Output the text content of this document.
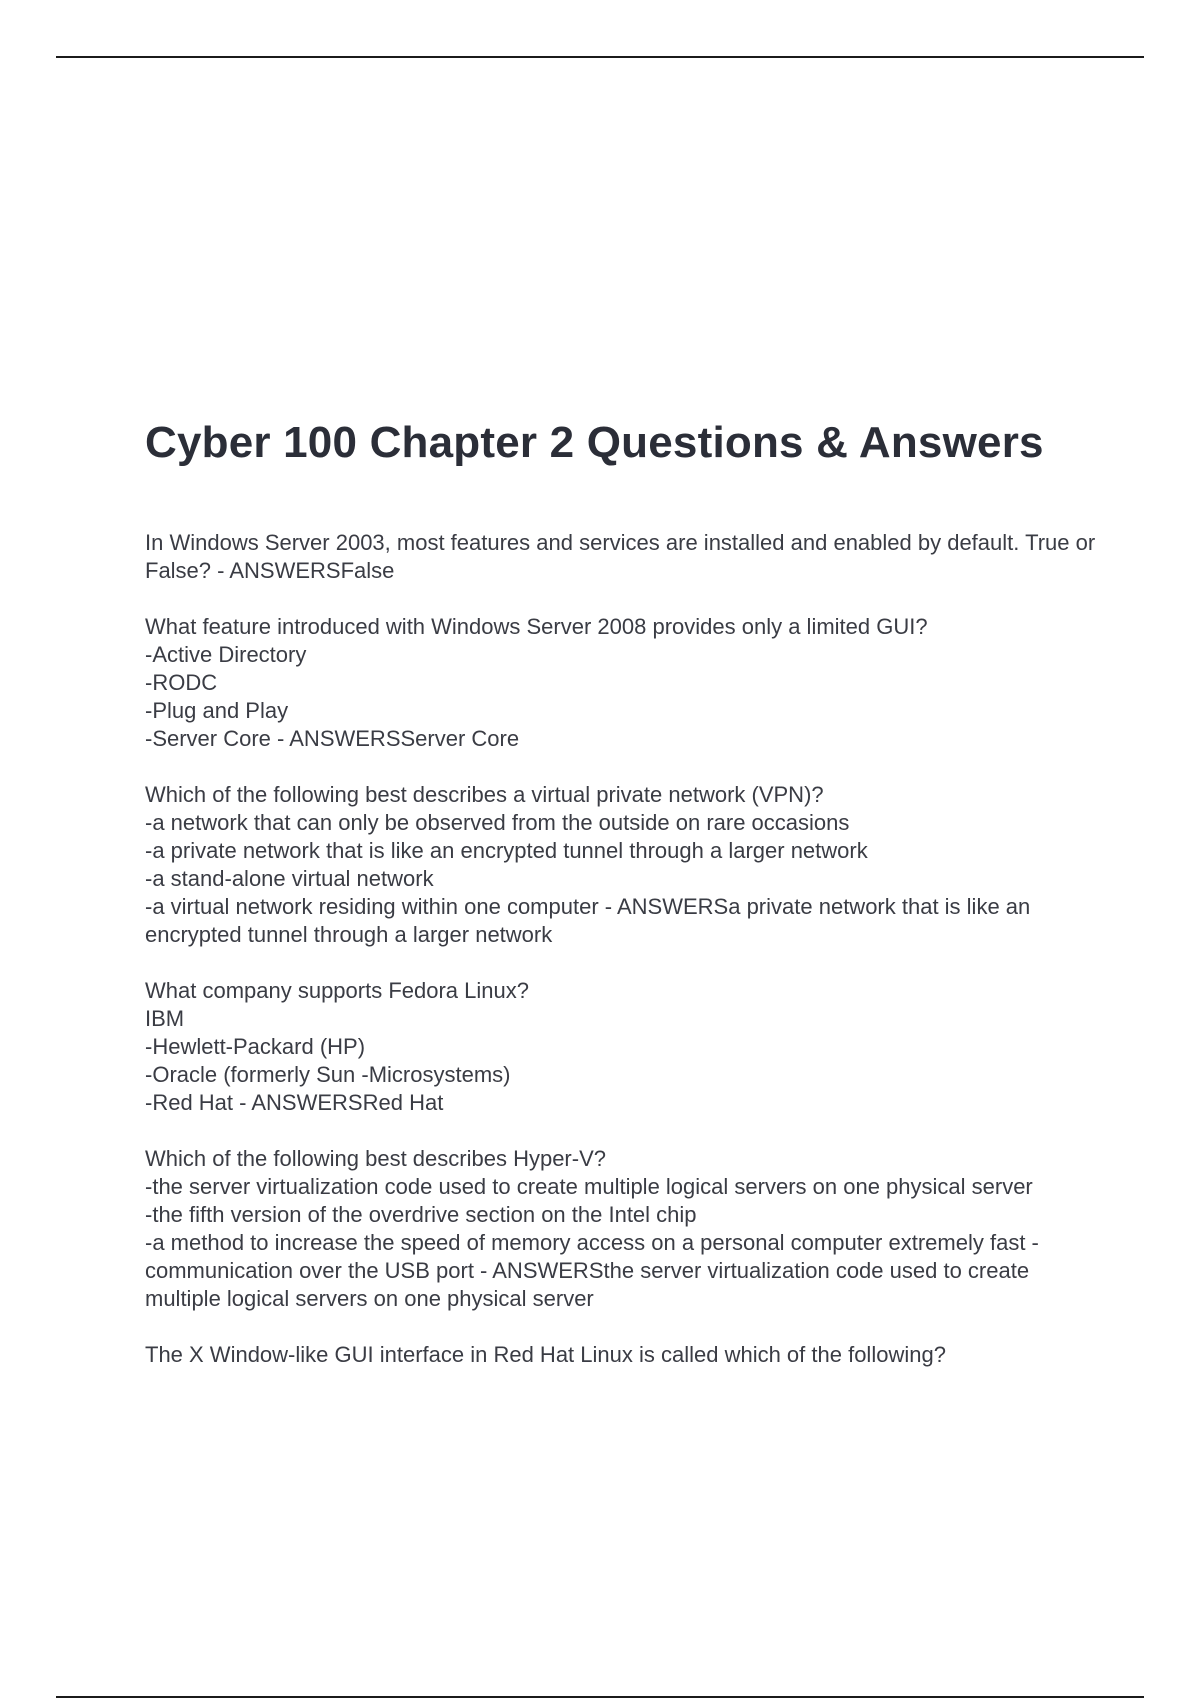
Cyber 100 Chapter 2 Questions & Answers

In Windows Server 2003, most features and services are installed and enabled by default. True or False? - ANSWERSFalse

What feature introduced with Windows Server 2008 provides only a limited GUI?
-Active Directory
-RODC
-Plug and Play
-Server Core - ANSWERSServer Core

Which of the following best describes a virtual private network (VPN)?
-a network that can only be observed from the outside on rare occasions
-a private network that is like an encrypted tunnel through a larger network
-a stand-alone virtual network
-a virtual network residing within one computer - ANSWERSa private network that is like an encrypted tunnel through a larger network

What company supports Fedora Linux?
IBM
-Hewlett-Packard (HP)
-Oracle (formerly Sun -Microsystems)
-Red Hat - ANSWERSRed Hat

Which of the following best describes Hyper-V?
-the server virtualization code used to create multiple logical servers on one physical server
-the fifth version of the overdrive section on the Intel chip
-a method to increase the speed of memory access on a personal computer extremely fast -communication over the USB port - ANSWERSthe server virtualization code used to create multiple logical servers on one physical server

The X Window-like GUI interface in Red Hat Linux is called which of the following?
